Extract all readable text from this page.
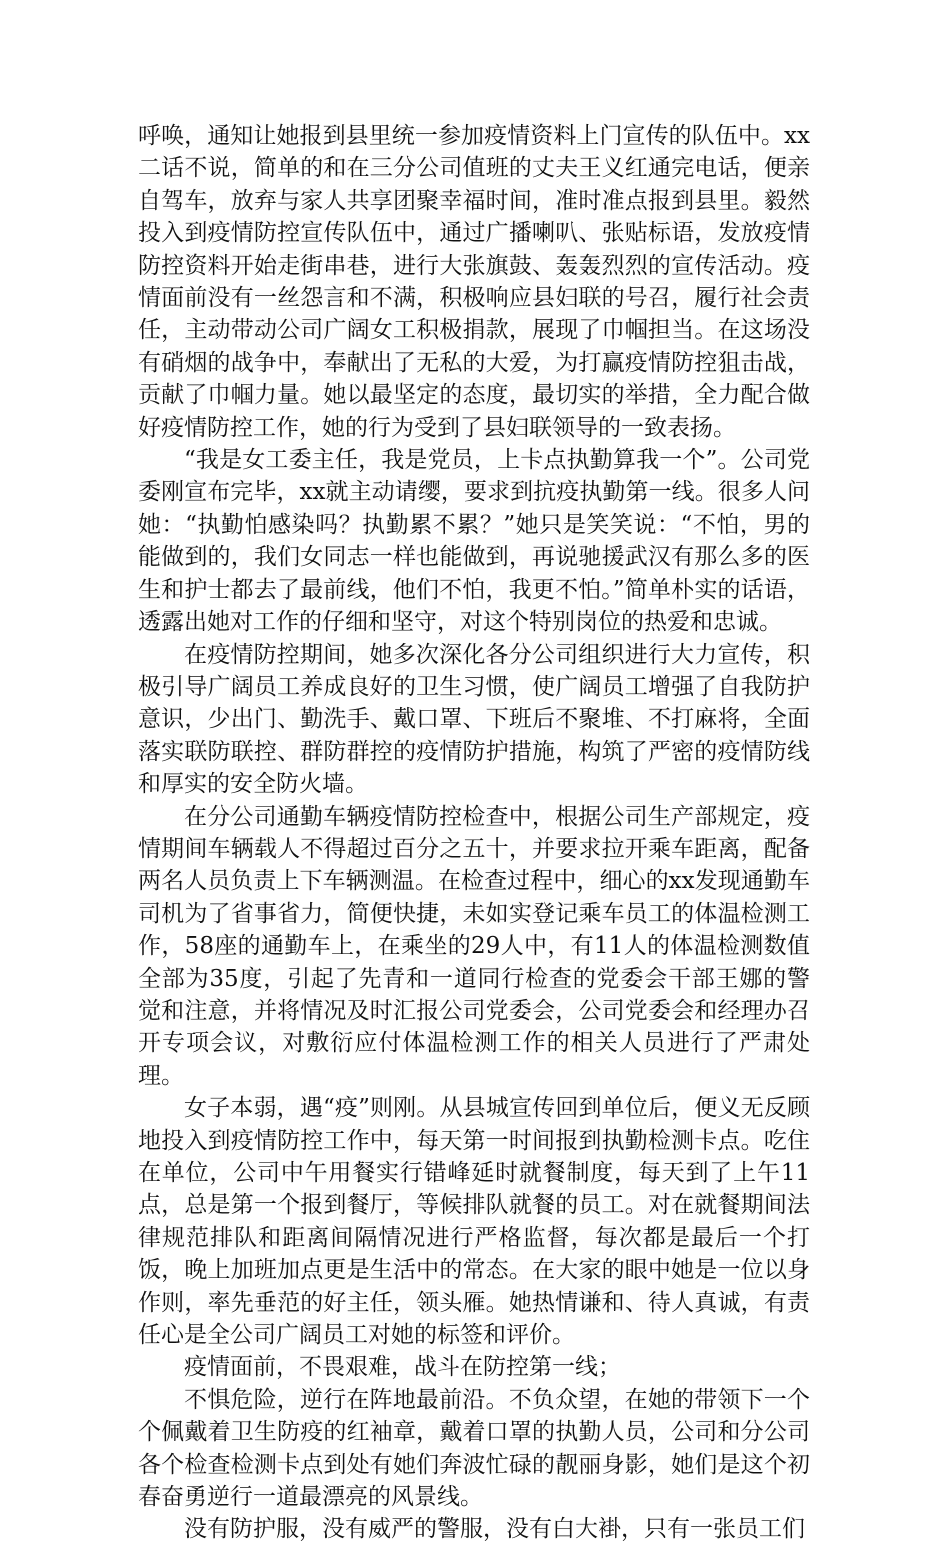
呼唤，通知让她报到县里统一参加疫情资料上门宣传的队伍中。xx二话不说，简单的和在三分公司值班的丈夫王义红通完电话，便亲自驾车，放弃与家人共享团聚幸福时间，准时准点报到县里。毅然投入到疫情防控宣传队伍中，通过广播喇叭、张贴标语，发放疫情防控资料开始走街串巷，进行大张旗鼓、轰轰烈烈的宣传活动。疫情面前没有一丝怨言和不满，积极响应县妇联的号召，履行社会责任，主动带动公司广阔女工积极捐款，展现了巾帼担当。在这场没有硝烟的战争中，奉献出了无私的大爱，为打赢疫情防控狙击战，贡献了巾帼力量。她以最坚定的态度，最切实的举措，全力配合做好疫情防控工作，她的行为受到了县妇联领导的一致表扬。

“我是女工委主任，我是党员，上卡点执勤算我一个”。公司党委刚宣布完毕，xx就主动请缨，要求到抗疫执勤第一线。很多人问她：“执勤怕感染吗？执勤累不累？”她只是笑笑说：“不怕，男的能做到的，我们女同志一样也能做到，再说驰援武汉有那么多的医生和护士都去了最前线，他们不怕，我更不怕。”简单朴实的话语，透露出她对工作的仔细和坚守，对这个特别岗位的热爱和忠诚。

在疫情防控期间，她多次深化各分公司组织进行大力宣传，积极引导广阔员工养成良好的卫生习惯，使广阔员工增强了自我防护意识，少出门、勤洗手、戴口罩、下班后不聚堆、不打麻将，全面落实联防联控、群防群控的疫情防护措施，构筑了严密的疫情防线和厚实的安全防火墙。

在分公司通勤车辆疫情防控检查中，根据公司生产部规定，疫情期间车辆载人不得超过百分之五十，并要求拉开乘车距离，配备两名人员负责上下车辆测温。在检查过程中，细心的xx发现通勤车司机为了省事省力，简便快捷，未如实登记乘车员工的体温检测工作，58座的通勤车上，在乘坐的29人中，有11人的体温检测数值全部为35度，引起了先青和一道同行检查的党委会干部王娜的警觉和注意，并将情况及时汇报公司党委会，公司党委会和经理办召开专项会议，对敷衍应付体温检测工作的相关人员进行了严肃处理。

女子本弱，遇“疫”则刚。从县城宣传回到单位后，便义无反顾地投入到疫情防控工作中，每天第一时间报到执勤检测卡点。吃住在单位，公司中午用餐实行错峰延时就餐制度，每天到了上午11点，总是第一个报到餐厅，等候排队就餐的员工。对在就餐期间法律规范排队和距离间隔情况进行严格监督，每次都是最后一个打饭，晚上加班加点更是生活中的常态。在大家的眼中她是一位以身作则，率先垂范的好主任，领头雁。她热情谦和、待人真诚，有责任心是全公司广阔员工对她的标签和评价。

疫情面前，不畏艰难，战斗在防控第一线；

不惧危险，逆行在阵地最前沿。不负众望，在她的带领下一个个佩戴着卫生防疫的红袖章，戴着口罩的执勤人员，公司和分公司各个检查检测卡点到处有她们奔波忙碌的靓丽身影，她们是这个初春奋勇逆行一道最漂亮的风景线。

没有防护服，没有威严的警服，没有白大褂，只有一张员工们
